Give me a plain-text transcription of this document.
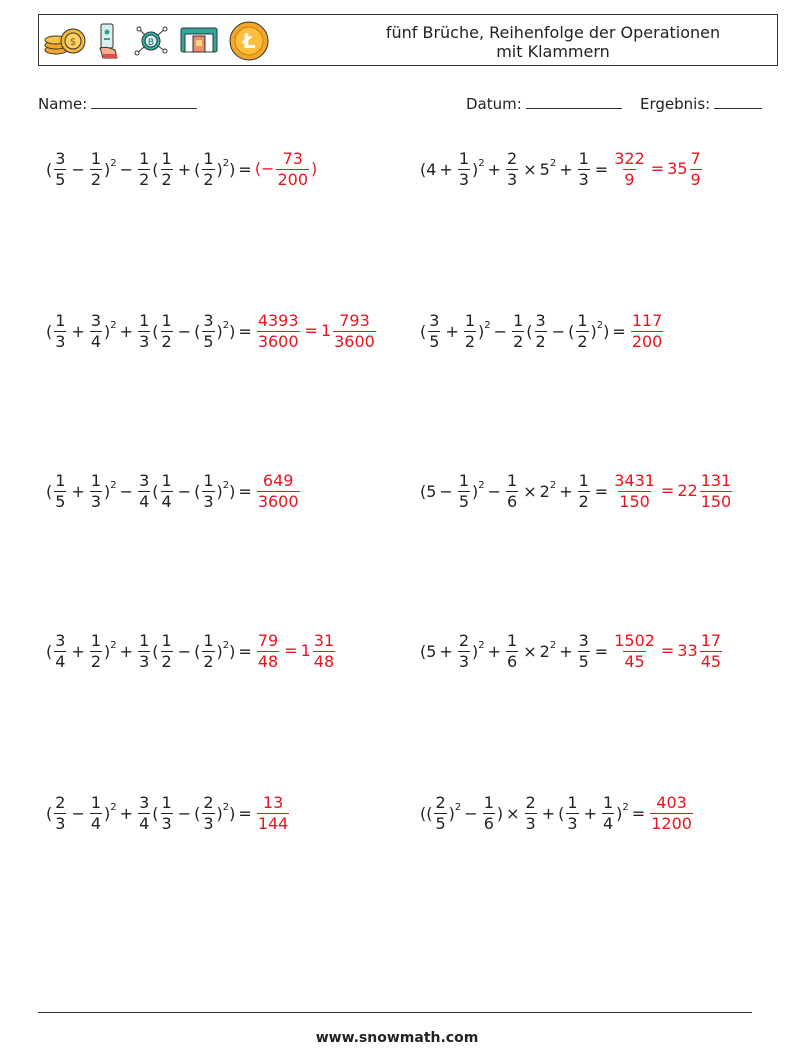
$	B	Ł	fünf Brüche, Reihenfolge der Operationen
mit Klammern
Name:	Datum:	Ergebnis:
( $\frac{3}{5} - \frac{1}{2} )^2 - \frac{1}{2}$ ( $\frac{1}{2}$ + ( $\frac{1}{2} )^2$ ) = (− $\frac{73}{200}$ )	$(4 + \frac{1}{3} )^2 + \frac{2}{3} \times 5^2 + \frac{1}{3} = \frac{322}{9} = 35 \frac{7}{9}$
( $\frac{1}{3} + \frac{3}{4} )^2 + \frac{1}{3}$ ( $\frac{1}{2}$ − ( $\frac{3}{5} )^2$ ) = $\frac{4393}{3600} = 1 \frac{793}{3600}$	( $\frac{3}{5} + \frac{1}{2} )^2 - \frac{1}{2}$ ( $\frac{3}{2}$ − ( $\frac{1}{2} )^2$ ) = $\frac{117}{200}$
( $\frac{1}{5} + \frac{1}{3} )^2 - \frac{3}{4}$ ( $\frac{1}{4}$ − ( $\frac{1}{3} )^2$ ) = $\frac{649}{3600}$	$(5 - \frac{1}{5} )^2 - \frac{1}{6} \times 2^2 + \frac{1}{2} = \frac{3431}{150} = 22 \frac{131}{150}$
( $\frac{3}{4} + \frac{1}{2} )^2 + \frac{1}{3}$ ( $\frac{1}{2}$ − ( $\frac{1}{2} )^2$ ) = $\frac{79}{48} = 1 \frac{31}{48}$	$(5 + \frac{2}{3} )^2 + \frac{1}{6} \times 2^2 + \frac{3}{5} = \frac{1502}{45} = 33 \frac{17}{45}$
( $\frac{2}{3} - \frac{1}{4} )^2 + \frac{3}{4}$ ( $\frac{1}{3}$ − ( $\frac{2}{3} )^2$ ) = $\frac{13}{144}$	(( $\frac{2}{5} )^2 - \frac{1}{6}$ ) × $\frac{2}{3}$ + ( $\frac{1}{3} + \frac{1}{4} )^2 = \frac{403}{1200}$
www.snowmath.com
